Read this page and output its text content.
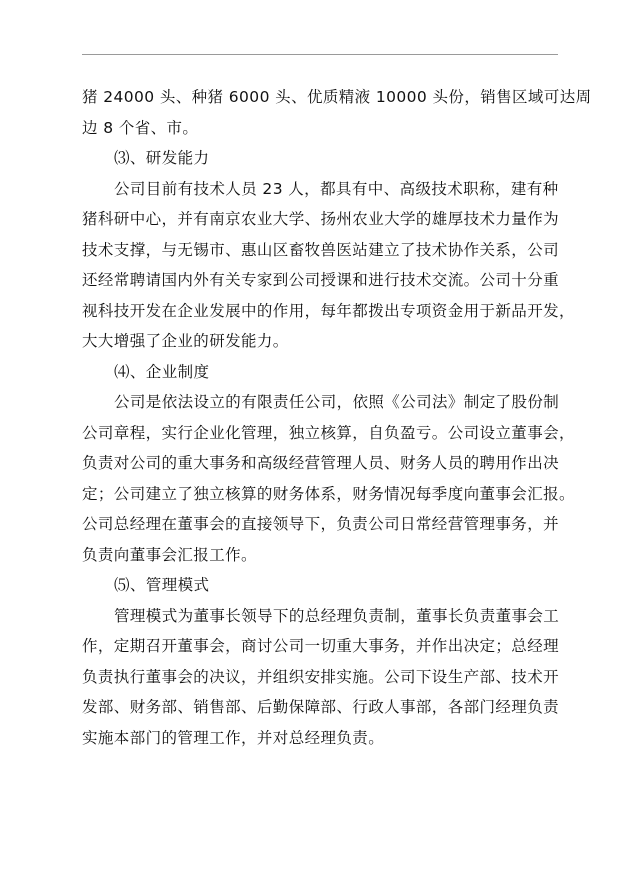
猪 24000 头、种猪 6000 头、优质精液 10000 头份，销售区域可达周
边 8 个省、市。
⑶、研发能力
公司目前有技术人员 23 人，都具有中、高级技术职称，建有种
猪科研中心，并有南京农业大学、扬州农业大学的雄厚技术力量作为
技术支撑，与无锡市、惠山区畜牧兽医站建立了技术协作关系，公司
还经常聘请国内外有关专家到公司授课和进行技术交流。公司十分重
视科技开发在企业发展中的作用，每年都拨出专项资金用于新品开发，
大大增强了企业的研发能力。
⑷、企业制度
公司是依法设立的有限责任公司，依照《公司法》制定了股份制
公司章程，实行企业化管理，独立核算，自负盈亏。公司设立董事会，
负责对公司的重大事务和高级经营管理人员、财务人员的聘用作出决
定；公司建立了独立核算的财务体系，财务情况每季度向董事会汇报。
公司总经理在董事会的直接领导下，负责公司日常经营管理事务，并
负责向董事会汇报工作。
⑸、管理模式
管理模式为董事长领导下的总经理负责制，董事长负责董事会工
作，定期召开董事会，商讨公司一切重大事务，并作出决定；总经理
负责执行董事会的决议，并组织安排实施。公司下设生产部、技术开
发部、财务部、销售部、后勤保障部、行政人事部，各部门经理负责
实施本部门的管理工作，并对总经理负责。
